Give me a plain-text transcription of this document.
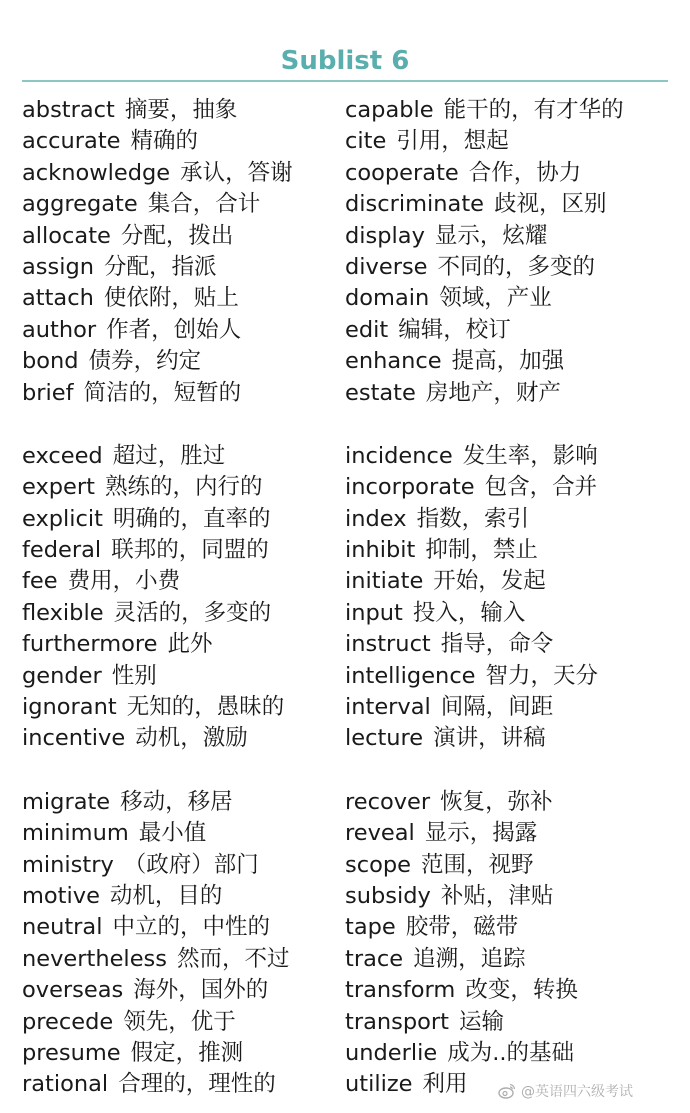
Sublist 6
abstract 摘要，抽象
accurate 精确的
acknowledge 承认，答谢
aggregate 集合，合计
allocate 分配，拨出
assign 分配，指派
attach 使依附，贴上
author 作者，创始人
bond 债券，约定
brief 简洁的，短暂的
exceed 超过，胜过
expert 熟练的，内行的
explicit 明确的，直率的
federal 联邦的，同盟的
fee 费用，小费
flexible 灵活的，多变的
furthermore 此外
gender 性别
ignorant 无知的，愚昧的
incentive 动机，激励
migrate 移动，移居
minimum 最小值
ministry （政府）部门
motive 动机，目的
neutral 中立的，中性的
nevertheless 然而，不过
overseas 海外，国外的
precede 领先，优于
presume 假定，推测
rational 合理的，理性的
capable 能干的，有才华的
cite 引用，想起
cooperate 合作，协力
discriminate 歧视，区别
display 显示，炫耀
diverse 不同的，多变的
domain 领域，产业
edit 编辑，校订
enhance 提高，加强
estate 房地产，财产
incidence 发生率，影响
incorporate 包含，合并
index 指数，索引
inhibit 抑制，禁止
initiate 开始，发起
input 投入，输入
instruct 指导，命令
intelligence 智力，天分
interval 间隔，间距
lecture 演讲，讲稿
recover 恢复，弥补
reveal 显示，揭露
scope 范围，视野
subsidy 补贴，津贴
tape 胶带，磁带
trace 追溯，追踪
transform 改变，转换
transport 运输
underlie 成为..的基础
utilize 利用	@英语四六级考试
